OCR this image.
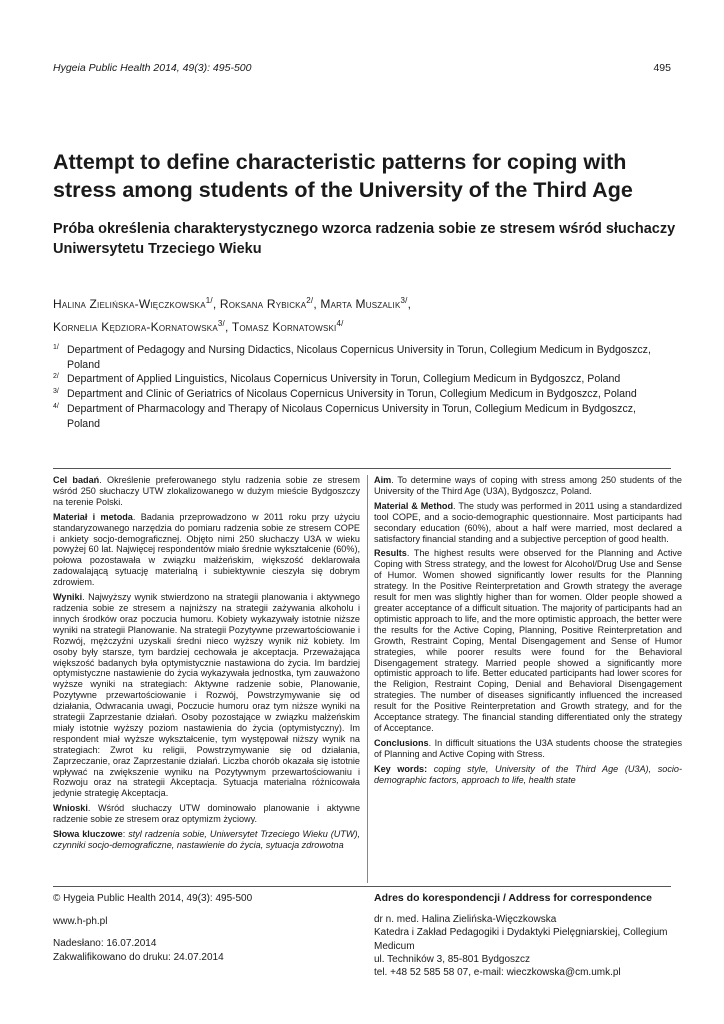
Hygeia Public Health 2014, 49(3): 495-500	495
Attempt to define characteristic patterns for coping with stress among students of the University of the Third Age
Próba określenia charakterystycznego wzorca radzenia sobie ze stresem wśród słuchaczy Uniwersytetu Trzeciego Wieku
Halina Zielińska-Więczkowska$^{1/}$, Roksana Rybicka$^{2/}$, Marta Muszalik$^{3/}$,
Kornelia Kędziora-Kornatowska$^{3/}$, Tomasz Kornatowski$^{4/}$
1/ Department of Pedagogy and Nursing Didactics, Nicolaus Copernicus University in Torun, Collegium Medicum in Bydgoszcz, Poland
2/ Department of Applied Linguistics, Nicolaus Copernicus University in Torun, Collegium Medicum in Bydgoszcz, Poland
3/ Department and Clinic of Geriatrics of Nicolaus Copernicus University in Torun, Collegium Medicum in Bydgoszcz, Poland
4/ Department of Pharmacology and Therapy of Nicolaus Copernicus University in Torun, Collegium Medicum in Bydgoszcz, Poland

Cel badań. Określenie preferowanego stylu radzenia sobie ze stresem wśród 250 słuchaczy UTW zlokalizowanego w dużym mieście Bydgoszczy na terenie Polski.

Materiał i metoda. Badania przeprowadzono w 2011 roku przy użyciu standaryzowanego narzędzia do pomiaru radzenia sobie ze stresem COPE i ankiety socjo-demograficznej. Objęto nimi 250 słuchaczy U3A w wieku powyżej 60 lat. Najwięcej respondentów miało średnie wykształcenie (60%), połowa pozostawała w związku małżeńskim, większość deklarowała zadowalającą sytuację materialną i subiektywnie cieszyła się dobrym zdrowiem.

Wyniki. Najwyższy wynik stwierdzono na strategii planowania i aktywnego radzenia sobie ze stresem a najniższy na strategii zażywania alkoholu i innych środków oraz poczucia humoru. Kobiety wykazywały istotnie niższe wyniki na strategii Planowanie. Na strategii Pozytywne przewartościowanie i Rozwój, mężczyźni uzyskali średni nieco wyższy wynik niż kobiety. Im osoby były starsze, tym bardziej cechowała je akceptacja. Przeważająca większość badanych była optymistycznie nastawiona do życia. Im bardziej optymistyczne nastawienie do życia wykazywała jednostka, tym zauważono wyższe wyniki na strategiach: Aktywne radzenie sobie, Planowanie, Pozytywne przewartościowanie i Rozwój, Powstrzymywanie się od działania, Odwracania uwagi, Poczucie humoru oraz tym niższe wyniki na strategii Zaprzestanie działań. Osoby pozostające w związku małżeńskim miały istotnie wyższy poziom nastawienia do życia (optymistyczny). Im respondent miał wyższe wykształcenie, tym występował niższy wynik na strategiach: Zwrot ku religii, Powstrzymywanie się od działania, Zaprzeczanie, oraz Zaprzestanie działań. Liczba chorób okazała się istotnie wpływać na zwiększenie wyniku na Pozytywnym przewartościowaniu i Rozwoju oraz na strategii Akceptacja. Sytuacja materialna różnicowała jedynie strategię Akceptacja.

Wnioski. Wśród słuchaczy UTW dominowało planowanie i aktywne radzenie sobie ze stresem oraz optymizm życiowy.

Słowa kluczowe: styl radzenia sobie, Uniwersytet Trzeciego Wieku (UTW), czynniki socjo-demograficzne, nastawienie do życia, sytuacja zdrowotna

Aim. To determine ways of coping with stress among 250 students of the University of the Third Age (U3A), Bydgoszcz, Poland.

Material & Method. The study was performed in 2011 using a standardized tool COPE, and a socio-demographic questionnaire. Most participants had secondary education (60%), about a half were married, most declared a satisfactory financial standing and a subjective perception of good health.

Results. The highest results were observed for the Planning and Active Coping with Stress strategy, and the lowest for Alcohol/Drug Use and Sense of Humor. Women showed significantly lower results for the Planning strategy. In the Positive Reinterpretation and Growth strategy the average result for men was slightly higher than for women. Older people showed a greater acceptance of a difficult situation. The majority of participants had an optimistic approach to life, and the more optimistic approach, the better were the results for the Active Coping, Planning, Positive Reinterpretation and Growth, Restraint Coping, Mental Disengagement and Sense of Humor strategies, while poorer results were found for the Behavioral Disengagement strategy. Married people showed a significantly more optimistic approach to life. Better educated participants had lower scores for the Religion, Restraint Coping, Denial and Behavioral Disengagement strategies. The number of diseases significantly influenced the increased result for the Positive Reinterpretation and Growth strategy, and for the Acceptance strategy. The financial standing differentiated only the strategy of Acceptance.

Conclusions. In difficult situations the U3A students choose the strategies of Planning and Active Coping with Stress.

Key words: coping style, University of the Third Age (U3A), socio-demographic factors, approach to life, health state

© Hygeia Public Health 2014, 49(3): 495-500
www.h-ph.pl
Nadesłano: 16.07.2014
Zakwalifikowano do druku: 24.07.2014
Adres do korespondencji / Address for correspondence
dr n. med. Halina Zielińska-Więczkowska
Katedra i Zakład Pedagogiki i Dydaktyki Pielęgniarskiej, Collegium Medicum
ul. Techników 3, 85-801 Bydgoszcz
tel. +48 52 585 58 07, e-mail: wieczkowska@cm.umk.pl
